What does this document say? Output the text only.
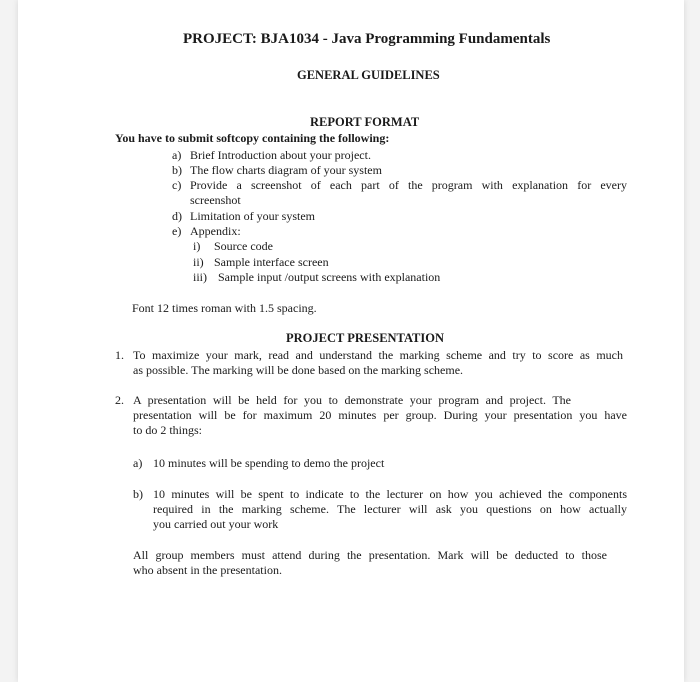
PROJECT: BJA1034 - Java Programming Fundamentals
GENERAL GUIDELINES
REPORT FORMAT
You have to submit softcopy containing the following:
a) Brief Introduction about your project.
b) The flow charts diagram of your system
c) Provide a screenshot of each part of the program with explanation for every
screenshot
d) Limitation of your system
e) Appendix:
i) Source code
ii) Sample interface screen
iii) Sample input /output screens with explanation
Font 12 times roman with 1.5 spacing.
PROJECT PRESENTATION
1. To maximize your mark, read and understand the marking scheme and try to score as much
as possible. The marking will be done based on the marking scheme.
2. A presentation will be held for you to demonstrate your program and project. The
presentation will be for maximum 20 minutes per group. During your presentation you have
to do 2 things:
a) 10 minutes will be spending to demo the project
b) 10 minutes will be spent to indicate to the lecturer on how you achieved the components
required in the marking scheme. The lecturer will ask you questions on how actually
you carried out your work
All group members must attend during the presentation. Mark will be deducted to those
who absent in the presentation.
